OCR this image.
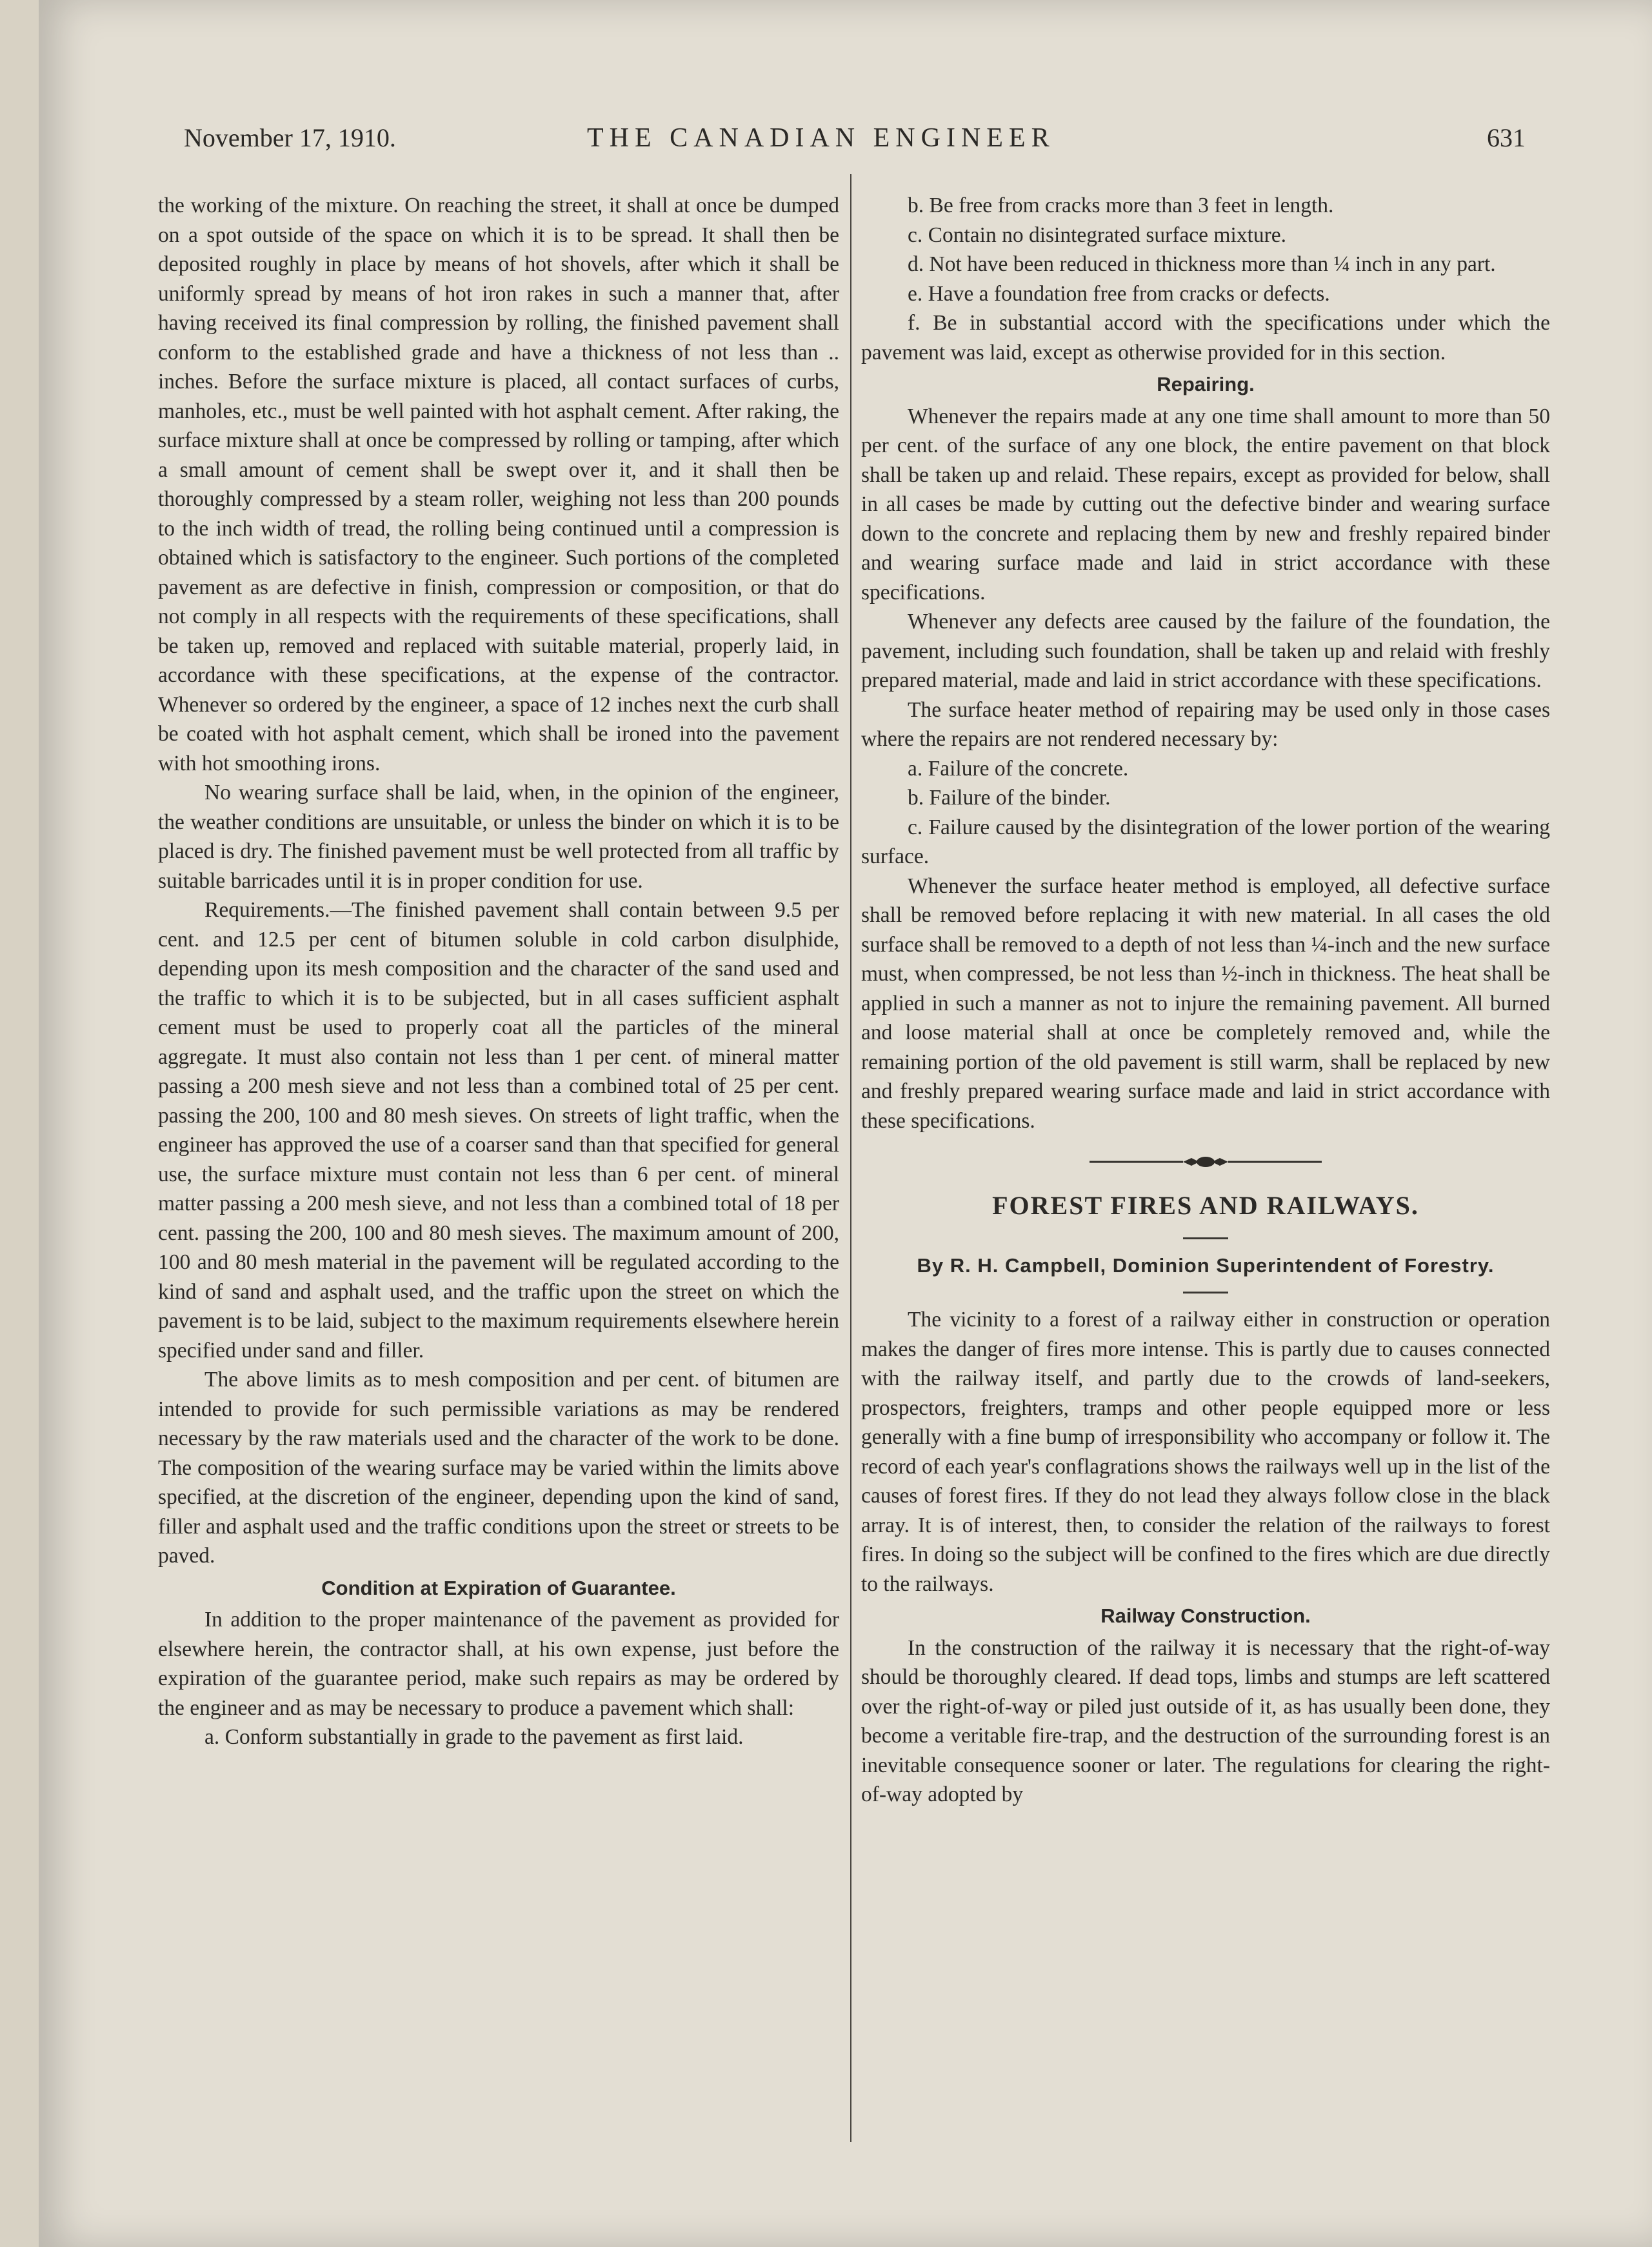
November 17, 1910.	THE CANADIAN ENGINEER	631

the working of the mixture. On reaching the street, it shall at once be dumped on a spot outside of the space on which it is to be spread. It shall then be deposited roughly in place by means of hot shovels, after which it shall be uniformly spread by means of hot iron rakes in such a manner that, after having received its final compression by rolling, the finished pavement shall conform to the established grade and have a thickness of not less than .. inches. Before the surface mixture is placed, all contact surfaces of curbs, manholes, etc., must be well painted with hot asphalt cement. After raking, the surface mixture shall at once be compressed by rolling or tamping, after which a small amount of cement shall be swept over it, and it shall then be thoroughly compressed by a steam roller, weighing not less than 200 pounds to the inch width of tread, the rolling being continued until a compression is obtained which is satisfactory to the engineer. Such portions of the completed pavement as are defective in finish, compression or composition, or that do not comply in all respects with the requirements of these specifications, shall be taken up, removed and replaced with suitable material, properly laid, in accordance with these specifications, at the expense of the contractor. Whenever so ordered by the engineer, a space of 12 inches next the curb shall be coated with hot asphalt cement, which shall be ironed into the pavement with hot smoothing irons.

No wearing surface shall be laid, when, in the opinion of the engineer, the weather conditions are unsuitable, or unless the binder on which it is to be placed is dry. The finished pavement must be well protected from all traffic by suitable barricades until it is in proper condition for use.

Requirements.—The finished pavement shall contain between 9.5 per cent. and 12.5 per cent of bitumen soluble in cold carbon disulphide, depending upon its mesh composition and the character of the sand used and the traffic to which it is to be subjected, but in all cases sufficient asphalt cement must be used to properly coat all the particles of the mineral aggregate. It must also contain not less than 1 per cent. of mineral matter passing a 200 mesh sieve and not less than a combined total of 25 per cent. passing the 200, 100 and 80 mesh sieves. On streets of light traffic, when the engineer has approved the use of a coarser sand than that specified for general use, the surface mixture must contain not less than 6 per cent. of mineral matter passing a 200 mesh sieve, and not less than a combined total of 18 per cent. passing the 200, 100 and 80 mesh sieves. The maximum amount of 200, 100 and 80 mesh material in the pavement will be regulated according to the kind of sand and asphalt used, and the traffic upon the street on which the pavement is to be laid, subject to the maximum requirements elsewhere herein specified under sand and filler.

The above limits as to mesh composition and per cent. of bitumen are intended to provide for such permissible variations as may be rendered necessary by the raw materials used and the character of the work to be done. The composition of the wearing surface may be varied within the limits above specified, at the discretion of the engineer, depending upon the kind of sand, filler and asphalt used and the traffic conditions upon the street or streets to be paved.

Condition at Expiration of Guarantee.

In addition to the proper maintenance of the pavement as provided for elsewhere herein, the contractor shall, at his own expense, just before the expiration of the guarantee period, make such repairs as may be ordered by the engineer and as may be necessary to produce a pavement which shall:

a. Conform substantially in grade to the pavement as first laid.

b. Be free from cracks more than 3 feet in length.

c. Contain no disintegrated surface mixture.

d. Not have been reduced in thickness more than ¼ inch in any part.

e. Have a foundation free from cracks or defects.

f. Be in substantial accord with the specifications under which the pavement was laid, except as otherwise provided for in this section.

Repairing.

Whenever the repairs made at any one time shall amount to more than 50 per cent. of the surface of any one block, the entire pavement on that block shall be taken up and relaid. These repairs, except as provided for below, shall in all cases be made by cutting out the defective binder and wearing surface down to the concrete and replacing them by new and freshly repaired binder and wearing surface made and laid in strict accordance with these specifications.

Whenever any defects aree caused by the failure of the foundation, the pavement, including such foundation, shall be taken up and relaid with freshly prepared material, made and laid in strict accordance with these specifications.

The surface heater method of repairing may be used only in those cases where the repairs are not rendered necessary by:

a. Failure of the concrete.

b. Failure of the binder.

c. Failure caused by the disintegration of the lower portion of the wearing surface.

Whenever the surface heater method is employed, all defective surface shall be removed before replacing it with new material. In all cases the old surface shall be removed to a depth of not less than ¼-inch and the new surface must, when compressed, be not less than ½-inch in thickness. The heat shall be applied in such a manner as not to injure the remaining pavement. All burned and loose material shall at once be completely removed and, while the remaining portion of the old pavement is still warm, shall be replaced by new and freshly prepared wearing surface made and laid in strict accordance with these specifications.

FOREST FIRES AND RAILWAYS.
By R. H. Campbell, Dominion Superintendent of Forestry.

The vicinity to a forest of a railway either in construction or operation makes the danger of fires more intense. This is partly due to causes connected with the railway itself, and partly due to the crowds of land-seekers, prospectors, freighters, tramps and other people equipped more or less generally with a fine bump of irresponsibility who accompany or follow it. The record of each year's conflagrations shows the railways well up in the list of the causes of forest fires. If they do not lead they always follow close in the black array. It is of interest, then, to consider the relation of the railways to forest fires. In doing so the subject will be confined to the fires which are due directly to the railways.

Railway Construction.

In the construction of the railway it is necessary that the right-of-way should be thoroughly cleared. If dead tops, limbs and stumps are left scattered over the right-of-way or piled just outside of it, as has usually been done, they become a veritable fire-trap, and the destruction of the surrounding forest is an inevitable consequence sooner or later. The regulations for clearing the right-of-way adopted by
